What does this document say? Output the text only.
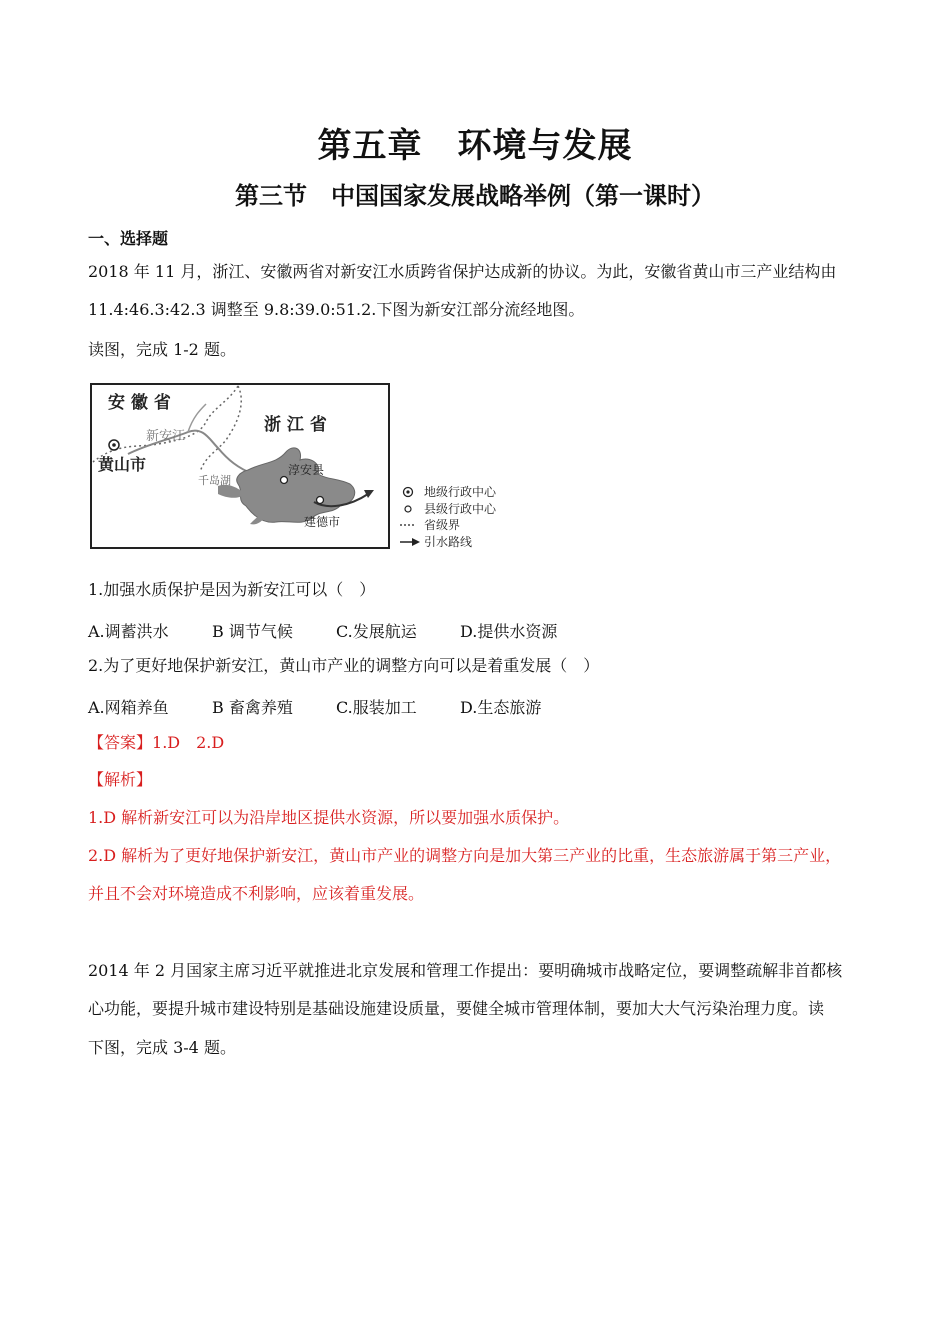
第五章　环境与发展
第三节　中国国家发展战略举例（第一课时）
一、选择题
2018 年 11 月，浙江、安徽两省对新安江水质跨省保护达成新的协议。为此，安徽省黄山市三产业结构由
11.4:46.3:42.3 调整至 9.8:39.0:51.2.下图为新安江部分流经地图。
读图，完成 1-2 题。
安 徽 省
浙 江 省
新安江
黄山市
千岛湖
淳安县
建德市
地级行政中心
县级行政中心
省级界
引水路线
1.加强水质保护是因为新安江可以（　）
A.调蓄洪水	B 调节气候	C.发展航运	D.提供水资源
2.为了更好地保护新安江，黄山市产业的调整方向可以是着重发展（　）
A.网箱养鱼	B 畜禽养殖	C.服装加工	D.生态旅游
【答案】1.D　2.D
【解析】
1.D 解析新安江可以为沿岸地区提供水资源，所以要加强水质保护。
2.D 解析为了更好地保护新安江，黄山市产业的调整方向是加大第三产业的比重，生态旅游属于第三产业，
并且不会对环境造成不利影响，应该着重发展。
2014 年 2 月国家主席习近平就推进北京发展和管理工作提出：要明确城市战略定位，要调整疏解非首都核
心功能，要提升城市建设特别是基础设施建设质量，要健全城市管理体制，要加大大气污染治理力度。读
下图，完成 3-4 题。
